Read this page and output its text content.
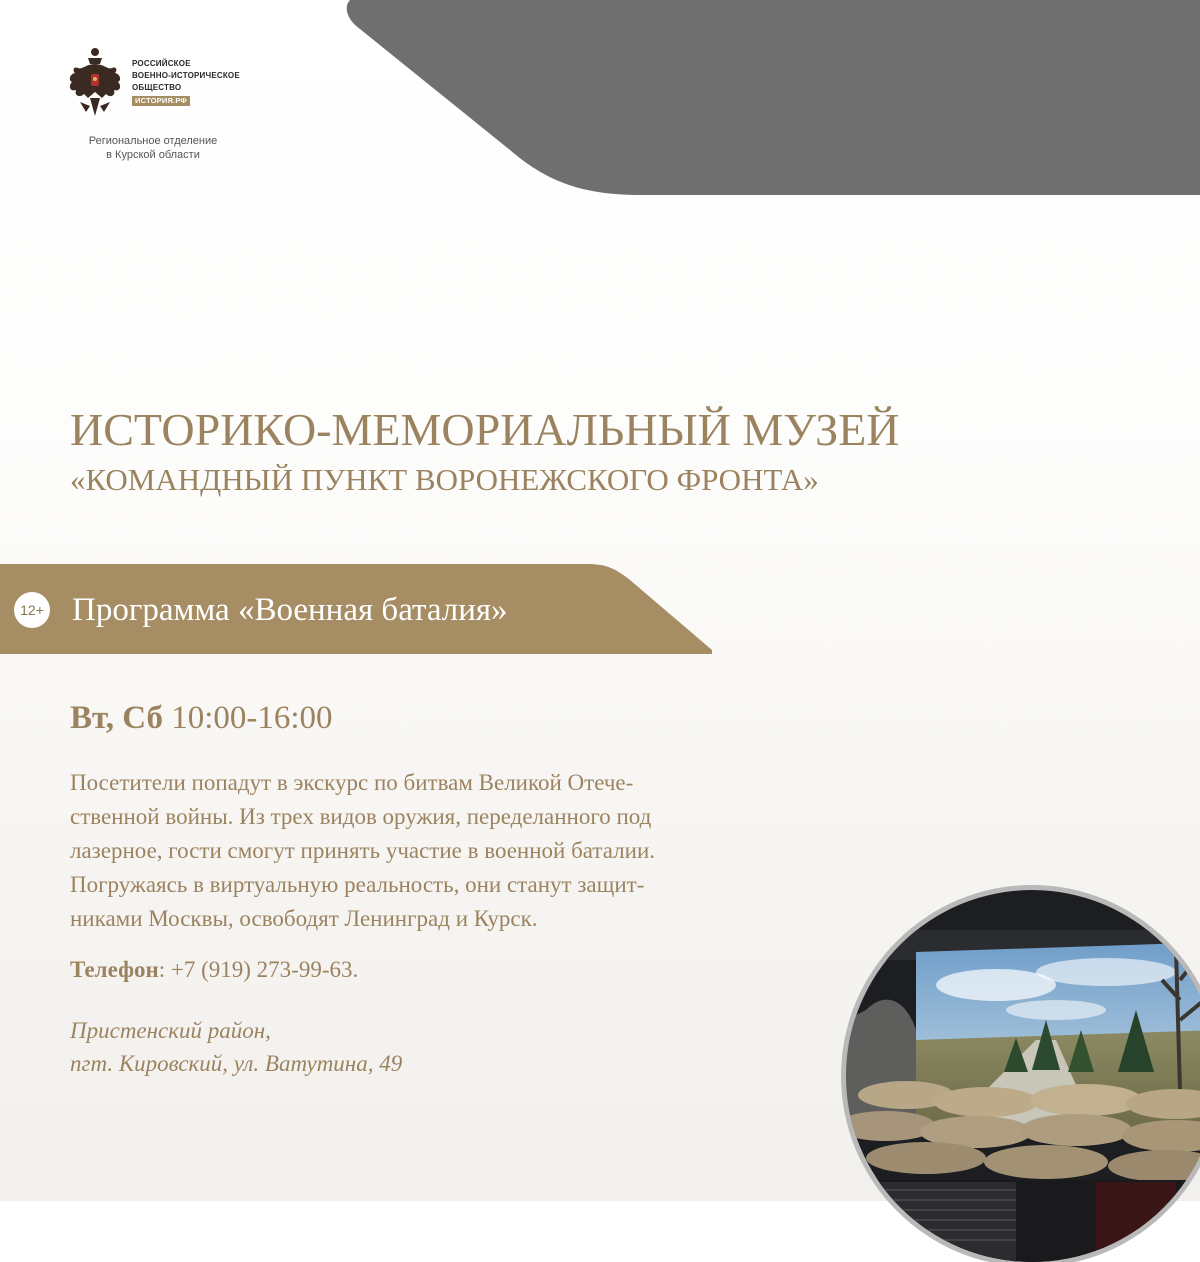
РОССИЙСКОЕ
ВОЕННО-ИСТОРИЧЕСКОЕ
ОБЩЕСТВО
ИСТОРИЯ.РФ
Региональное отделение
в Курской области
ИСТОРИКО-МЕМОРИАЛЬНЫЙ МУЗЕЙ
«КОМАНДНЫЙ ПУНКТ ВОРОНЕЖСКОГО ФРОНТА»
12+ Программа «Военная баталия»
Вт, Сб 10:00-16:00

Посетители попадут в экскурс по битвам Великой Отече-
ственной войны. Из трех видов оружия, переделанного под
лазерное, гости смогут принять участие в военной баталии.
Погружаясь в виртуальную реальность, они станут защит-
никами Москвы, освободят Ленинград и Курск.

Телефон: +7 (919) 273-99-63.
Пристенский район,
пгт. Кировский, ул. Ватутина, 49
